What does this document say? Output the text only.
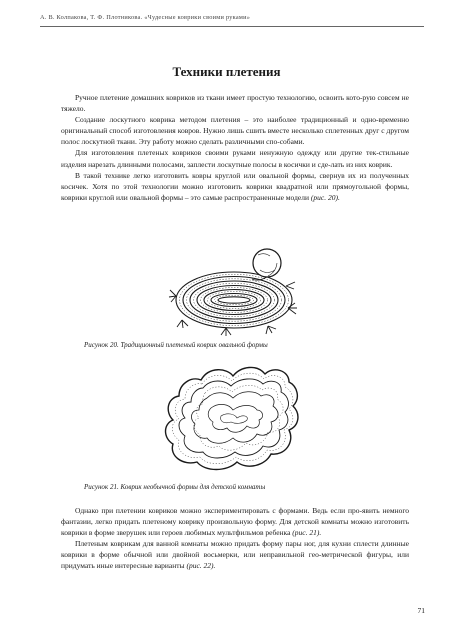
А. В. Колпакова, Т. Ф. Плотникова. «Чудесные коврики своими руками»
Техники плетения

Ручное плетение домашних ковриков из ткани имеет простую технологию, освоить кото-рую совсем не тяжело.

Создание лоскутного коврика методом плетения – это наиболее традиционный и одно-временно оригинальный способ изготовления ковров. Нужно лишь сшить вместе несколько сплетенных друг с другом полос лоскутной ткани. Эту работу можно сделать различными спо-собами.

Для изготовления плетеных ковриков своими руками ненужную одежду или другие тек-стильные изделия нарезать длинными полосами, заплести лоскутные полосы в косички и сде-лать из них коврик.

В такой технике легко изготовить ковры круглой или овальной формы, свернув их из полученных косичек. Хотя по этой технологии можно изготовить коврики квадратной или прямоугольной формы, коврики круглой или овальной формы – это самые распространенные модели (рис. 20).

Рисунок 20. Традиционный плетеный коврик овальной формы
Рисунок 21. Коврик необычной формы для детской комнаты

Однако при плетении ковриков можно экспериментировать с формами. Ведь если про-явить немного фантазии, легко придать плетеному коврику произвольную форму. Для детской комнаты можно изготовить коврики в форме зверушек или героев любимых мультфильмов ребенка (рис. 21).

Плетеным коврикам для ванной комнаты можно придать форму пары ног, для кухни сплести длинные коврики в форме обычной или двойной восьмерки, или неправильной гео-метрической фигуры, или придумать иные интересные варианты (рис. 22).

71
